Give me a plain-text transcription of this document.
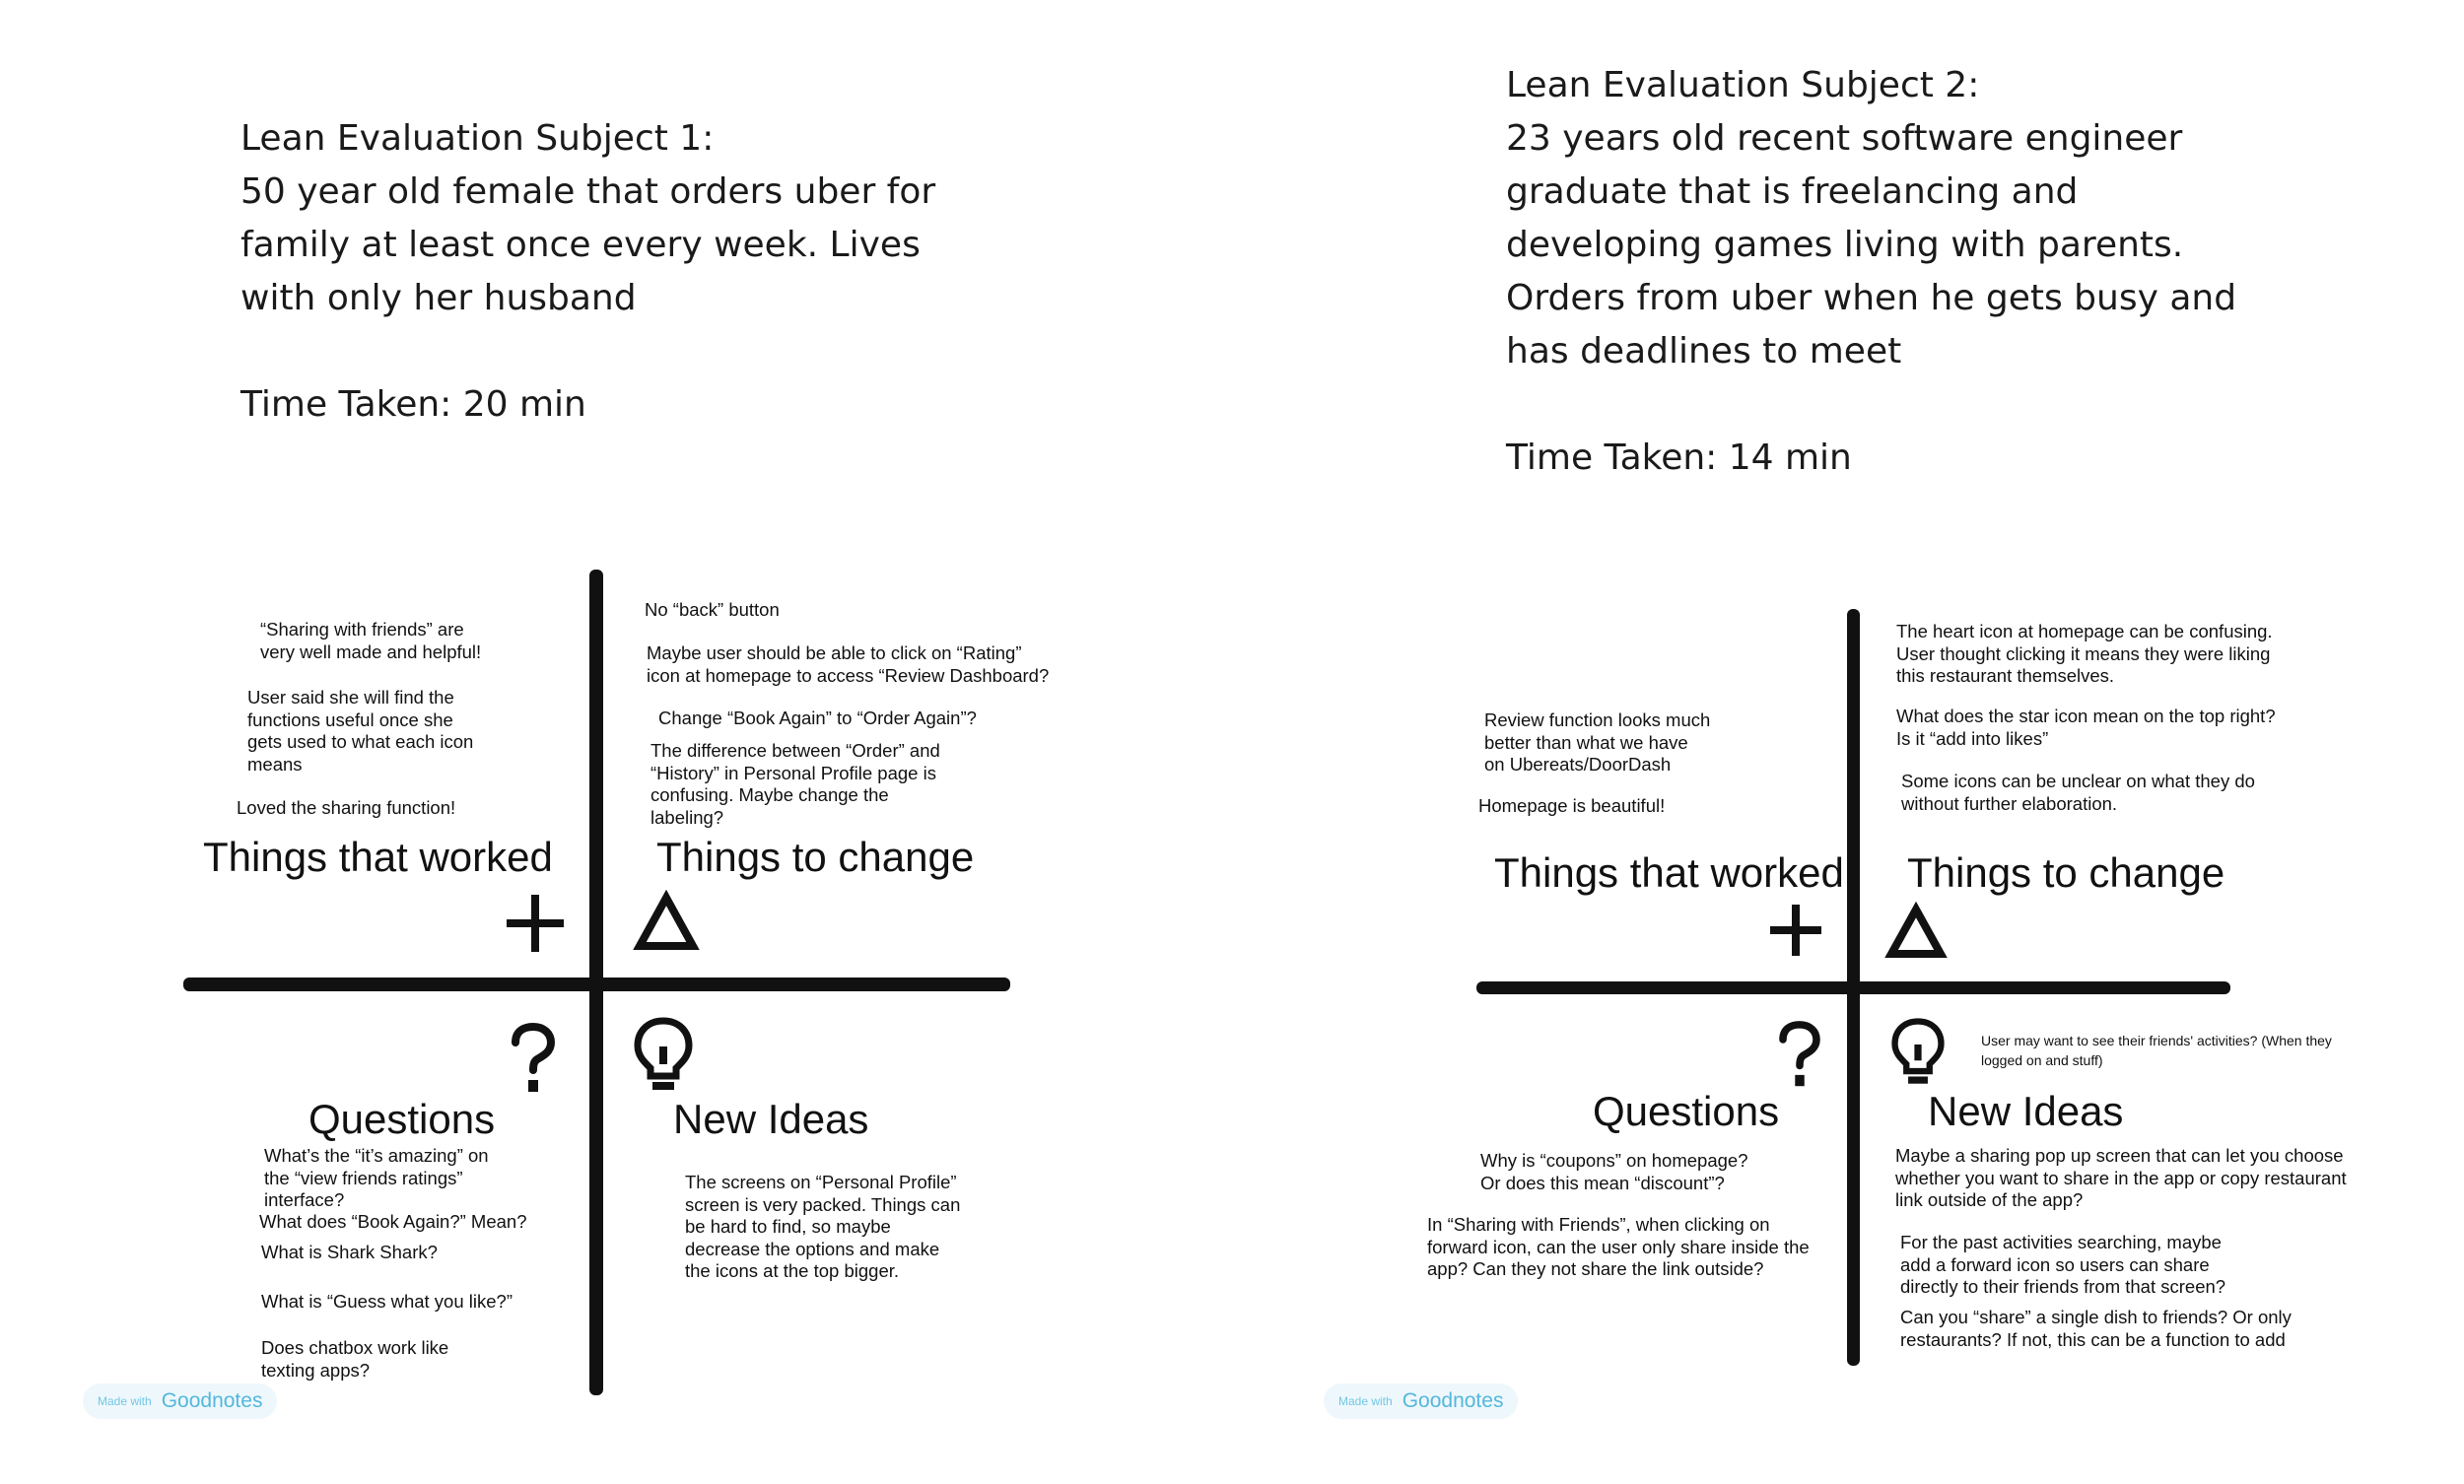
Lean Evaluation Subject 1:
50 year old female that orders uber for
family at least once every week. Lives
with only her husband
Time Taken: 20 min
“Sharing with friends” are
very well made and helpful!
User said she will find the
functions useful once she
gets used to what each icon
means
Loved the sharing function!
Things that worked
No “back” button
Maybe user should be able to click on “Rating”
icon at homepage to access “Review Dashboard?
Change “Book Again” to “Order Again”?
The difference between “Order” and
“History” in Personal Profile page is
confusing. Maybe change the
labeling?
Things to change
Questions
What’s the “it’s amazing” on
the “view friends ratings”
interface?
What does “Book Again?” Mean?
What is Shark Shark?
What is “Guess what you like?”
Does chatbox work like
texting apps?
New Ideas
The screens on “Personal Profile”
screen is very packed. Things can
be hard to find, so maybe
decrease the options and make
the icons at the top bigger.
Made with Goodnotes
Lean Evaluation Subject 2:
23 years old recent software engineer
graduate that is freelancing and
developing games living with parents.
Orders from uber when he gets busy and
has deadlines to meet
Time Taken: 14 min
Review function looks much
better than what we have
on Ubereats/DoorDash
Homepage is beautiful!
Things that worked
The heart icon at homepage can be confusing.
User thought clicking it means they were liking
this restaurant themselves.
What does the star icon mean on the top right?
Is it “add into likes”
Some icons can be unclear on what they do
without further elaboration.
Things to change
Questions
Why is “coupons” on homepage?
Or does this mean “discount”?
In “Sharing with Friends”, when clicking on
forward icon, can the user only share inside the
app? Can they not share the link outside?
User may want to see their friends' activities? (When they
logged on and stuff)
New Ideas
Maybe a sharing pop up screen that can let you choose
whether you want to share in the app or copy restaurant
link outside of the app?
For the past activities searching, maybe
add a forward icon so users can share
directly to their friends from that screen?
Can you “share” a single dish to friends? Or only
restaurants? If not, this can be a function to add
Made with Goodnotes
